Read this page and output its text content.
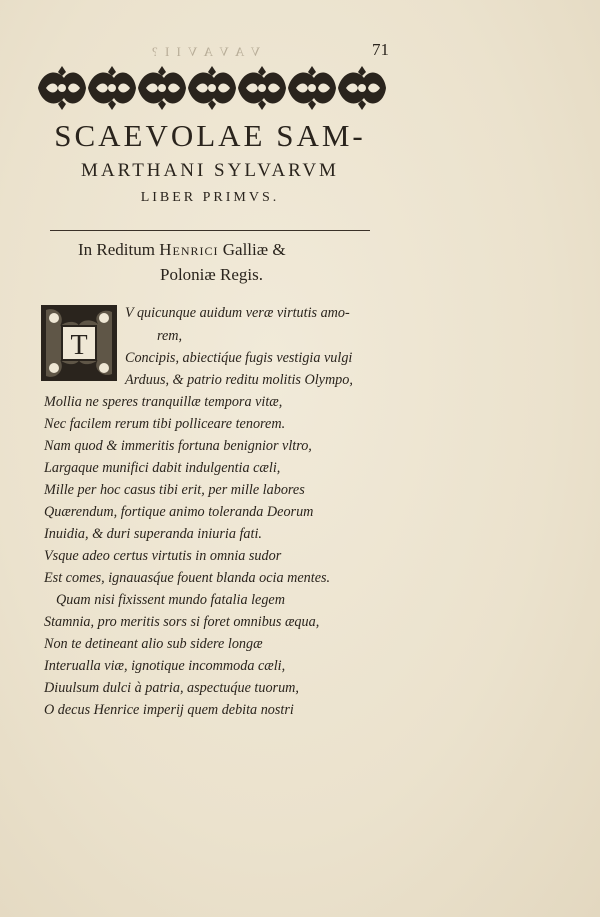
V A V A V I I ?	71
SCAEVOLAE SAM-
MARTHANI SYLVARVM
LIBER PRIMVS.
In Reditum Henrici Galliæ &
Poloniæ Regis.
T
V quicunque auidum veræ virtutis amo-
rem,
Concipis, abiectiq́ue fugis vestigia vulgi
Arduus, & patrio reditu molitis Olympo,
Mollia ne speres tranquillæ tempora vitæ,
Nec facilem rerum tibi polliceare tenorem.
Nam quod & immeritis fortuna benignior vltro,
Largaque munifici dabit indulgentia cæli,
Mille per hoc casus tibi erit, per mille labores
Quærendum, fortique animo toleranda Deorum
Inuidia, & duri superanda iniuria fati.
Vsque adeo certus virtutis in omnia sudor
Est comes, ignauasq́ue fouent blanda ocia mentes.
Quam nisi fixissent mundo fatalia legem
Stamnia, pro meritis sors si foret omnibus æqua,
Non te detineant alio sub sidere longæ
Interualla viæ, ignotique incommoda cæli,
Diuulsum dulci à patria, aspectuq́ue tuorum,
O decus Henrice imperij quem debita nostri
